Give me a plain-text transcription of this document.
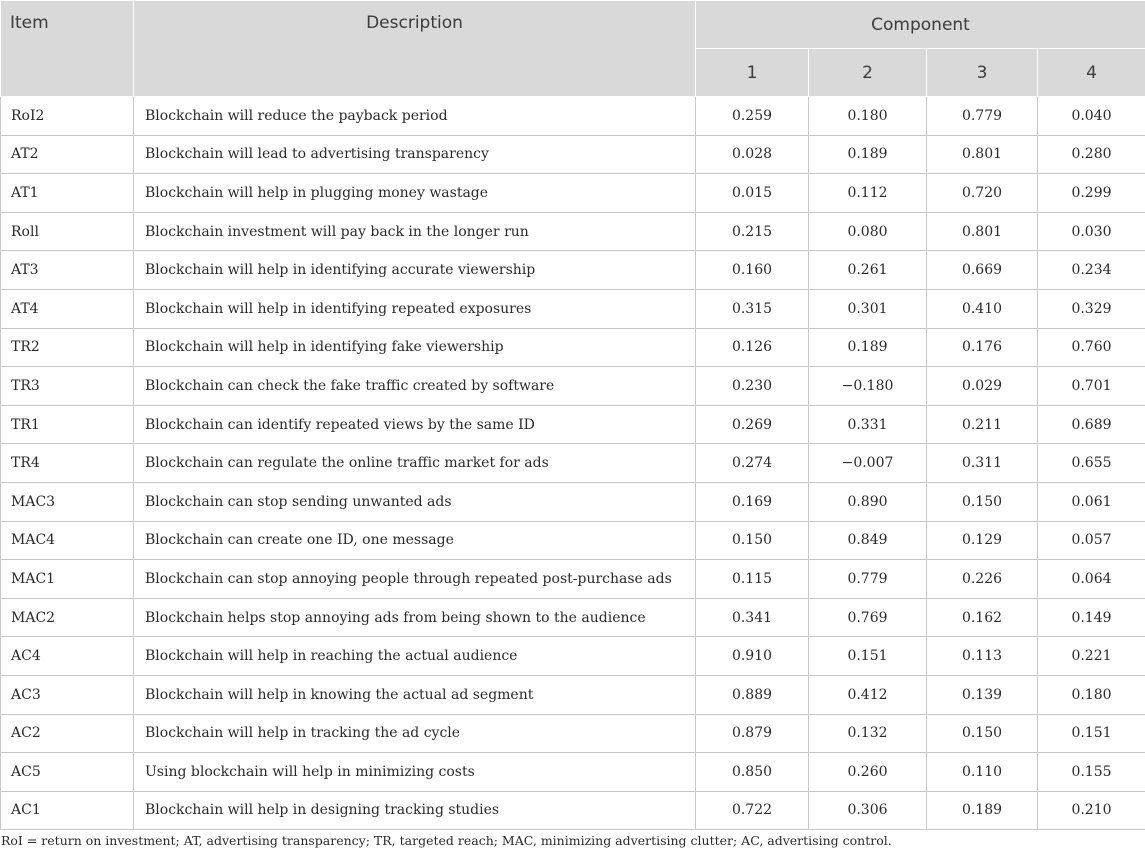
Item	Description	Component			
		1	2	3	4
RoI2	Blockchain will reduce the payback period	0.259	0.180	0.779	0.040
AT2	Blockchain will lead to advertising transparency	0.028	0.189	0.801	0.280
AT1	Blockchain will help in plugging money wastage	0.015	0.112	0.720	0.299
Roll	Blockchain investment will pay back in the longer run	0.215	0.080	0.801	0.030
AT3	Blockchain will help in identifying accurate viewership	0.160	0.261	0.669	0.234
AT4	Blockchain will help in identifying repeated exposures	0.315	0.301	0.410	0.329
TR2	Blockchain will help in identifying fake viewership	0.126	0.189	0.176	0.760
TR3	Blockchain can check the fake traffic created by software	0.230	−0.180	0.029	0.701
TR1	Blockchain can identify repeated views by the same ID	0.269	0.331	0.211	0.689
TR4	Blockchain can regulate the online traffic market for ads	0.274	−0.007	0.311	0.655
MAC3	Blockchain can stop sending unwanted ads	0.169	0.890	0.150	0.061
MAC4	Blockchain can create one ID, one message	0.150	0.849	0.129	0.057
MAC1	Blockchain can stop annoying people through repeated post-purchase ads	0.115	0.779	0.226	0.064
MAC2	Blockchain helps stop annoying ads from being shown to the audience	0.341	0.769	0.162	0.149
AC4	Blockchain will help in reaching the actual audience	0.910	0.151	0.113	0.221
AC3	Blockchain will help in knowing the actual ad segment	0.889	0.412	0.139	0.180
AC2	Blockchain will help in tracking the ad cycle	0.879	0.132	0.150	0.151
AC5	Using blockchain will help in minimizing costs	0.850	0.260	0.110	0.155
AC1	Blockchain will help in designing tracking studies	0.722	0.306	0.189	0.210
RoI = return on investment; AT, advertising transparency; TR, targeted reach; MAC, minimizing advertising clutter; AC, advertising control.
